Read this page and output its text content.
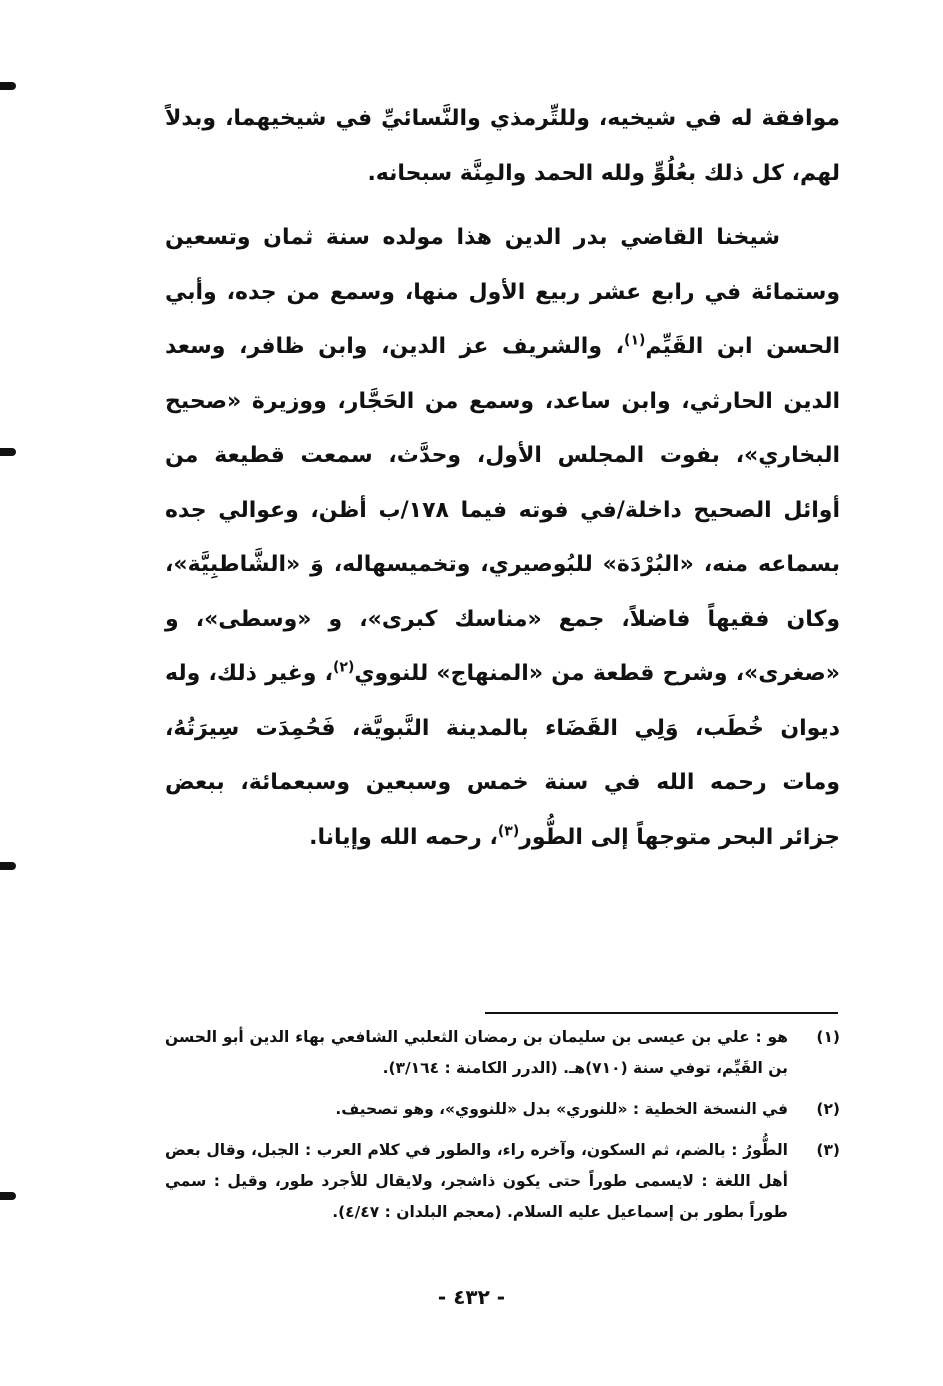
موافقة له في شيخيه، وللتِّرمذي والنَّسائيِّ في شيخيهما، وبدلاً لهم، كل ذلك بعُلُوٍّ ولله الحمد والمِنَّة سبحانه.

شيخنا القاضي بدر الدين هذا مولده سنة ثمان وتسعين وستمائة في رابع عشر ربيع الأول منها، وسمع من جده، وأبي الحسن ابن القَيِّم$^{(١)}$، والشريف عز الدين، وابن ظافر، وسعد الدين الحارثي، وابن ساعد، وسمع من الحَجَّار، ووزيرة «صحيح البخاري»، بفوت المجلس الأول، وحدَّث، سمعت قطيعة من أوائل الصحيح داخلة/في فوته فيما ١٧٨/ب أظن، وعوالي جده بسماعه منه، «البُرْدَة» للبُوصيري، وتخميسهاله، وَ «الشَّاطبِيَّة»، وكان فقيهاً فاضلاً، جمع «مناسك كبرى»، و «وسطى»، و «صغرى»، وشرح قطعة من «المنهاج» للنووي$^{(٢)}$، وغير ذلك، وله ديوان خُطَب، وَلِي القَضَاء بالمدينة النَّبويَّة، فَحُمِدَت سِيرَتُهُ، ومات رحمه الله في سنة خمس وسبعين وسبعمائة، ببعض جزائر البحر متوجهاً إلى الطُّور$^{(٣)}$، رحمه الله وإيانا.

(١)
هو : علي بن عيسى بن سليمان بن رمضان الثعلبي الشافعي بهاء الدين أبو الحسن بن القَيِّم، توفي سنة (٧١٠)هـ. (الدرر الكامنة : ٣/١٦٤).
(٢)
في النسخة الخطية : «للنوري» بدل «للنووي»، وهو تصحيف.
(٣)
الطُّورُ : بالضم، ثم السكون، وآخره راء، والطور في كلام العرب : الجبل، وقال بعض أهل اللغة : لايسمى طوراً حتى يكون ذاشجر، ولايقال للأجرد طور، وقيل : سمي طوراً بطور بن إسماعيل عليه السلام. (معجم البلدان : ٤/٤٧).
- ٤٣٢ -
